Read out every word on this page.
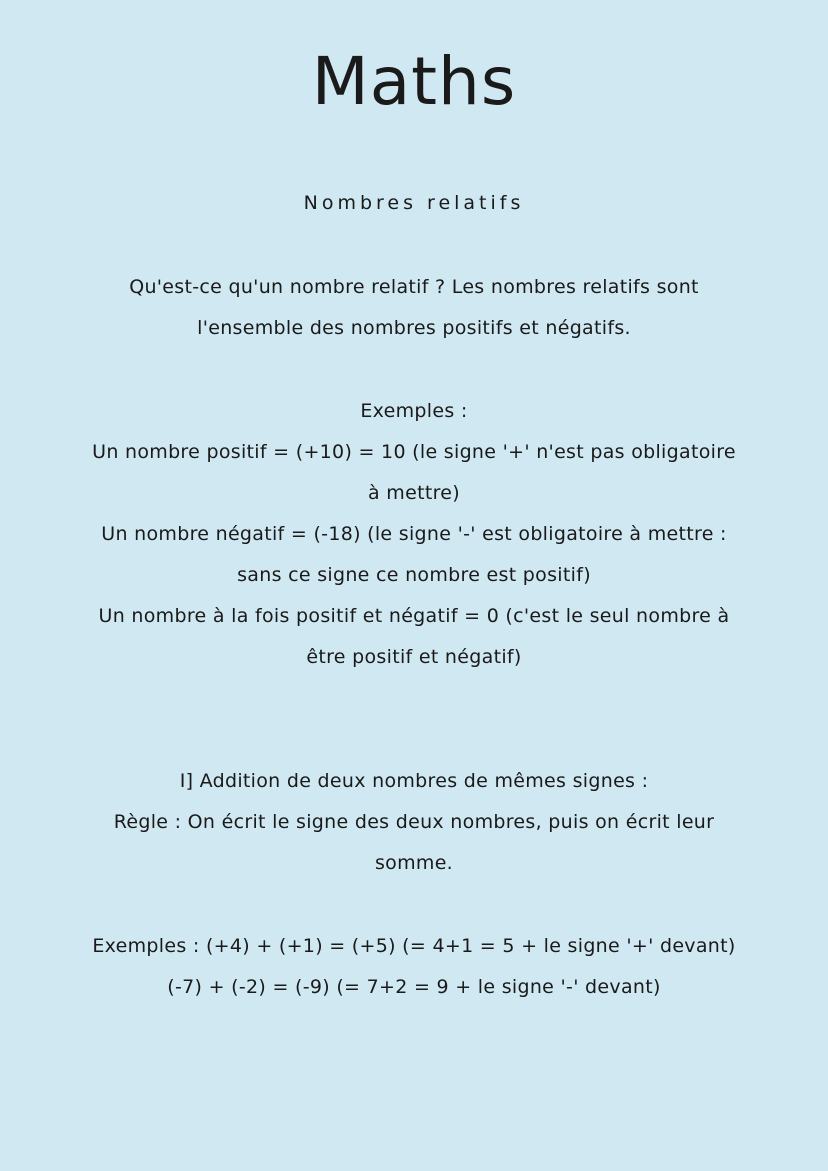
Maths
Nombres relatifs
Qu'est-ce qu'un nombre relatif ? Les nombres relatifs sont
l'ensemble des nombres positifs et négatifs.
Exemples :
Un nombre positif = (+10) = 10 (le signe '+' n'est pas obligatoire
à mettre)
Un nombre négatif = (-18) (le signe '-' est obligatoire à mettre :
sans ce signe ce nombre est positif)
Un nombre à la fois positif et négatif = 0 (c'est le seul nombre à
être positif et négatif)
I] Addition de deux nombres de mêmes signes :
Règle : On écrit le signe des deux nombres, puis on écrit leur
somme.
Exemples : (+4) + (+1) = (+5) (= 4+1 = 5 + le signe '+' devant)
(-7) + (-2) = (-9) (= 7+2 = 9 + le signe '-' devant)
